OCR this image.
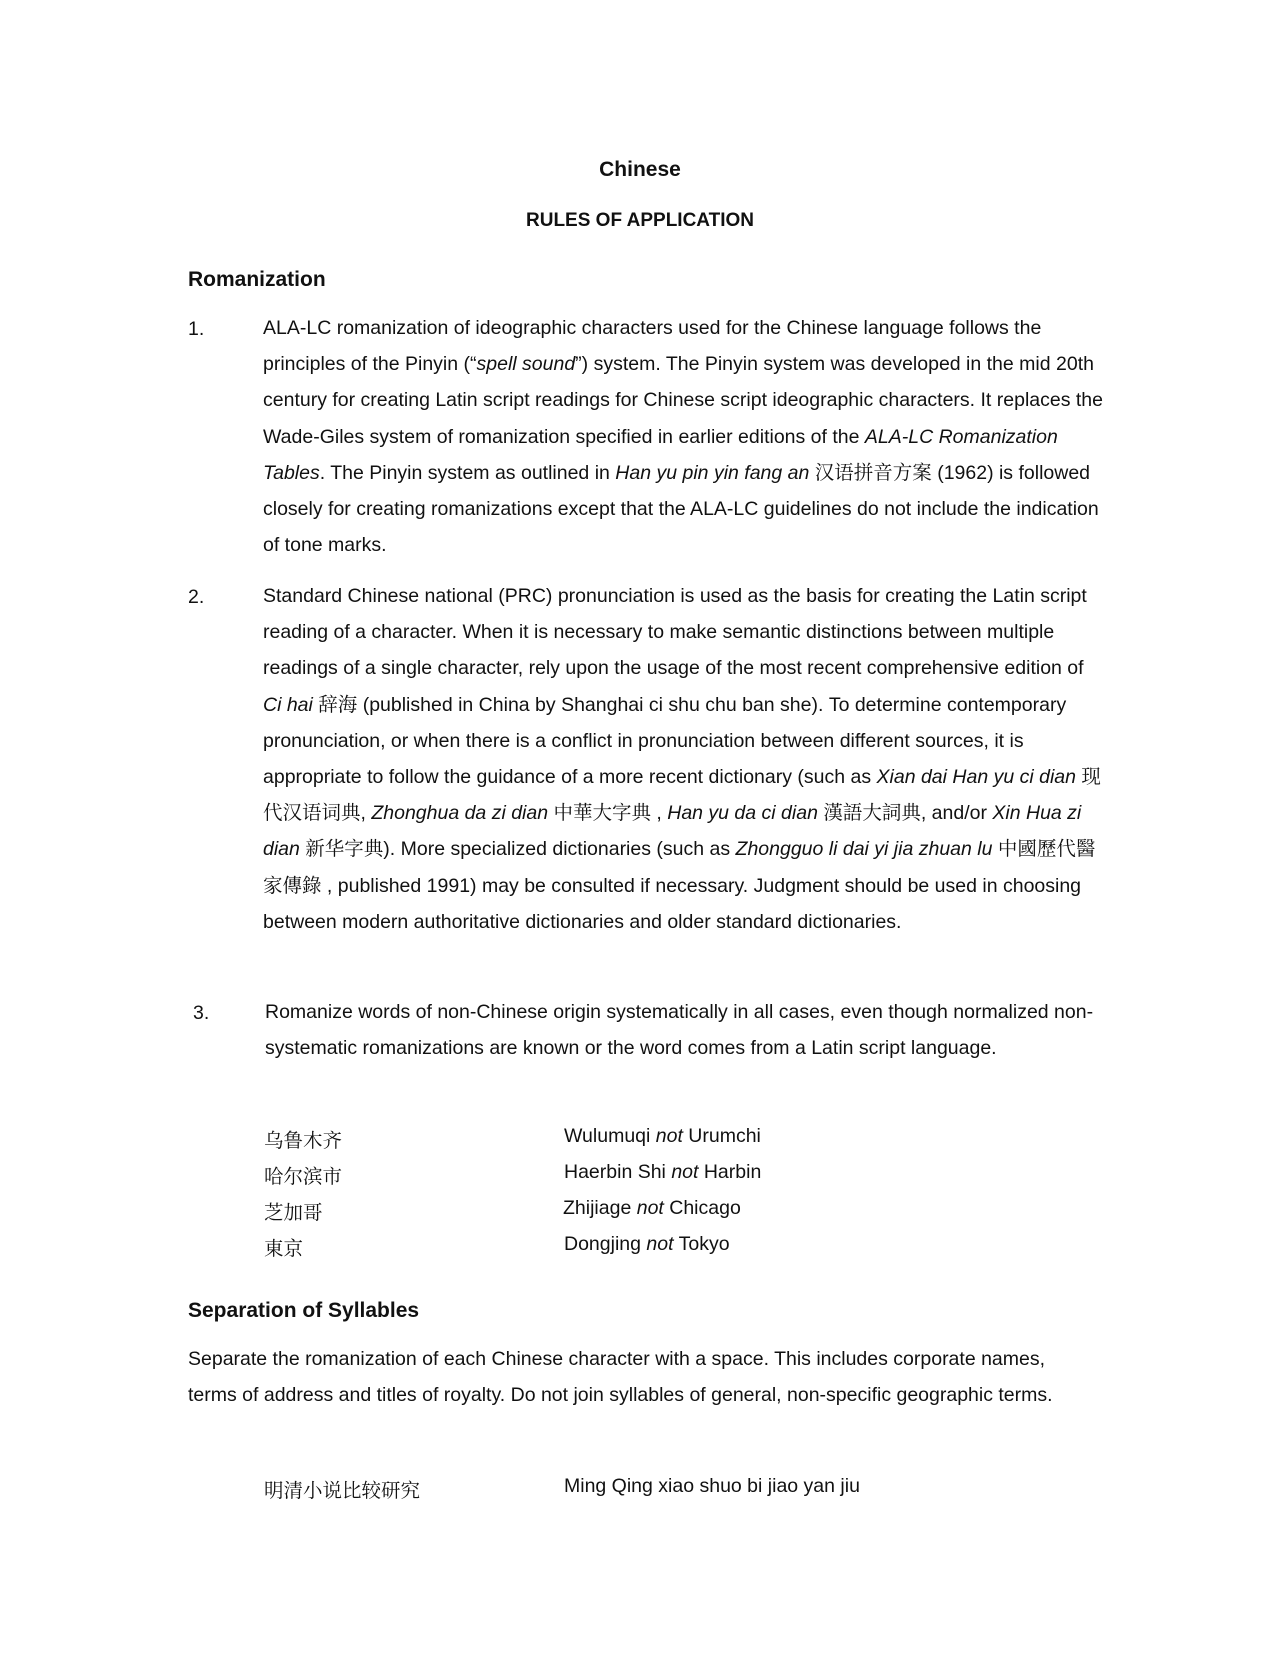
Chinese
RULES OF APPLICATION
Romanization
1.	ALA-LC romanization of ideographic characters used for the Chinese language follows the principles of the Pinyin (“spell sound”) system. The Pinyin system was developed in the mid 20th century for creating Latin script readings for Chinese script ideographic characters. It replaces the Wade-Giles system of romanization specified in earlier editions of the ALA-LC Romanization Tables. The Pinyin system as outlined in Han yu pin yin fang an 汉语拼音方案 (1962) is followed closely for creating romanizations except that the ALA-LC guidelines do not include the indication of tone marks.

2.	Standard Chinese national (PRC) pronunciation is used as the basis for creating the Latin script reading of a character. When it is necessary to make semantic distinctions between multiple readings of a single character, rely upon the usage of the most recent comprehensive edition of Ci hai 辞海 (published in China by Shanghai ci shu chu ban she). To determine contemporary pronunciation, or when there is a conflict in pronunciation between different sources, it is appropriate to follow the guidance of a more recent dictionary (such as Xian dai Han yu ci dian 现代汉语词典, Zhonghua da zi dian 中華大字典 , Han yu da ci dian 漢語大詞典, and/or Xin Hua zi dian 新华字典). More specialized dictionaries (such as Zhongguo li dai yi jia zhuan lu 中國歷代醫家傳錄 , published 1991) may be consulted if necessary. Judgment should be used in choosing between modern authoritative dictionaries and older standard dictionaries.

3.	Romanize words of non-Chinese origin systematically in all cases, even though normalized non-systematic romanizations are known or the word comes from a Latin script language.

乌鲁木齐	Wulumuqi not Urumchi
哈尔滨市	Haerbin Shi not Harbin
芝加哥	Zhijiage not Chicago
東京	Dongjing not Tokyo
Separation of Syllables

Separate the romanization of each Chinese character with a space. This includes corporate names, terms of address and titles of royalty. Do not join syllables of general, non-specific geographic terms.

明清小说比较研究	Ming Qing xiao shuo bi jiao yan jiu
